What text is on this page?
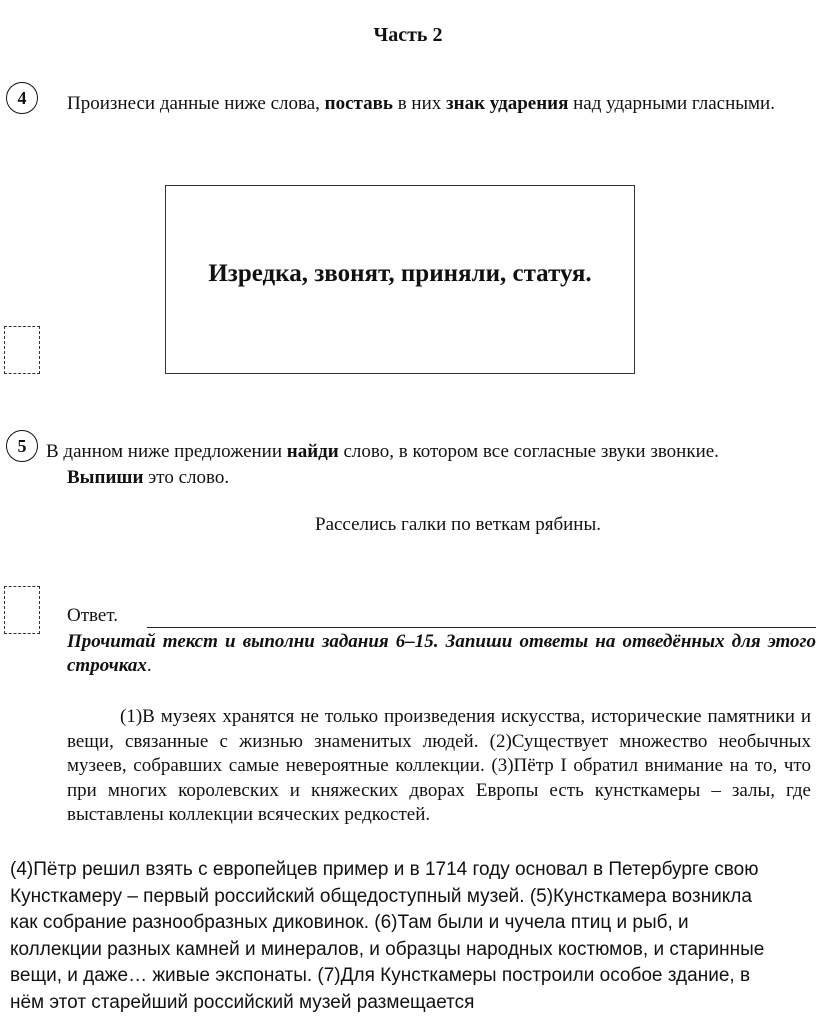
Часть 2
4	Произнеси данные ниже слова, поставь в них знак ударения над ударными гласными.
Изредка, звонят, приняли, статуя.
5	В данном ниже предложении найди слово, в котором все согласные звуки звонкие.
Выпиши это слово.
Расселись галки по веткам рябины.
Ответ.
Прочитай текст и выполни задания 6–15. Запиши ответы на отведённых для этого строчках.
(1)В музеях хранятся не только произведения искусства, исторические памятники и вещи, связанные с жизнью знаменитых людей. (2)Существует множество необычных музеев, собравших самые невероятные коллекции. (3)Пётр I обратил внимание на то, что при многих королевских и княжеских дворах Европы есть кунсткамеры – залы, где выставлены коллекции всяческих редкостей.
(4)Пётр решил взять с европейцев пример и в 1714 году основал в Петербурге свою
Кунсткамеру – первый российский общедоступный музей. (5)Кунсткамера возникла
как собрание разнообразных диковинок. (6)Там были и чучела птиц и рыб, и
коллекции разных камней и минералов, и образцы народных костюмов, и старинные
вещи, и даже… живые экспонаты. (7)Для Кунсткамеры построили особое здание, в
нём этот старейший российский музей размещается
